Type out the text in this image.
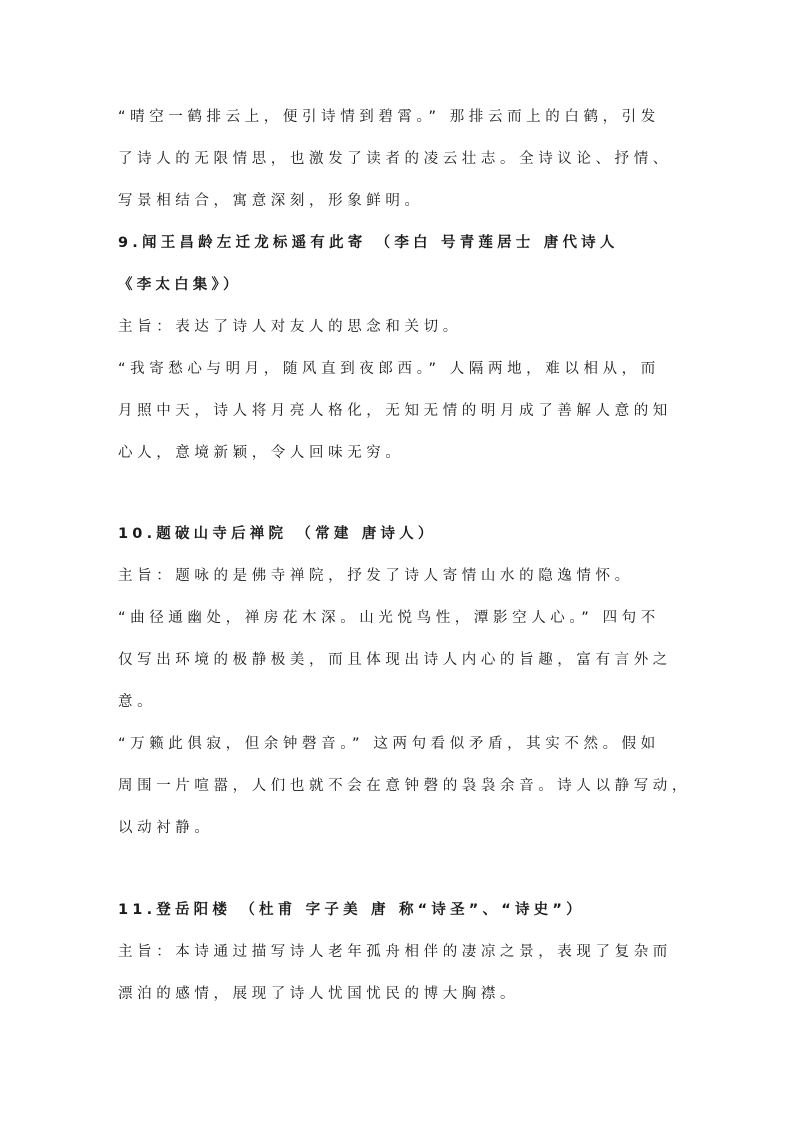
“晴空一鹤排云上，便引诗情到碧霄。” 那排云而上的白鹤，引发
了诗人的无限情思，也激发了读者的凌云壮志。全诗议论、抒情、
写景相结合，寓意深刻，形象鲜明。
9.闻王昌龄左迁龙标遥有此寄 （李白 号青莲居士 唐代诗人
《李太白集》）
主旨：表达了诗人对友人的思念和关切。
“我寄愁心与明月，随风直到夜郎西。” 人隔两地，难以相从，而
月照中天，诗人将月亮人格化，无知无情的明月成了善解人意的知
心人，意境新颖，令人回味无穷。
10.题破山寺后禅院 （常建 唐诗人）
主旨：题咏的是佛寺禅院，抒发了诗人寄情山水的隐逸情怀。
“曲径通幽处，禅房花木深。山光悦鸟性，潭影空人心。” 四句不
仅写出环境的极静极美，而且体现出诗人内心的旨趣，富有言外之
意。
“万籁此俱寂，但余钟磬音。” 这两句看似矛盾，其实不然。假如
周围一片喧嚣，人们也就不会在意钟磬的袅袅余音。诗人以静写动，
以动衬静。
11.登岳阳楼 （杜甫 字子美 唐 称“诗圣”、“诗史”）
主旨：本诗通过描写诗人老年孤舟相伴的凄凉之景，表现了复杂而
漂泊的感情，展现了诗人忧国忧民的博大胸襟。
